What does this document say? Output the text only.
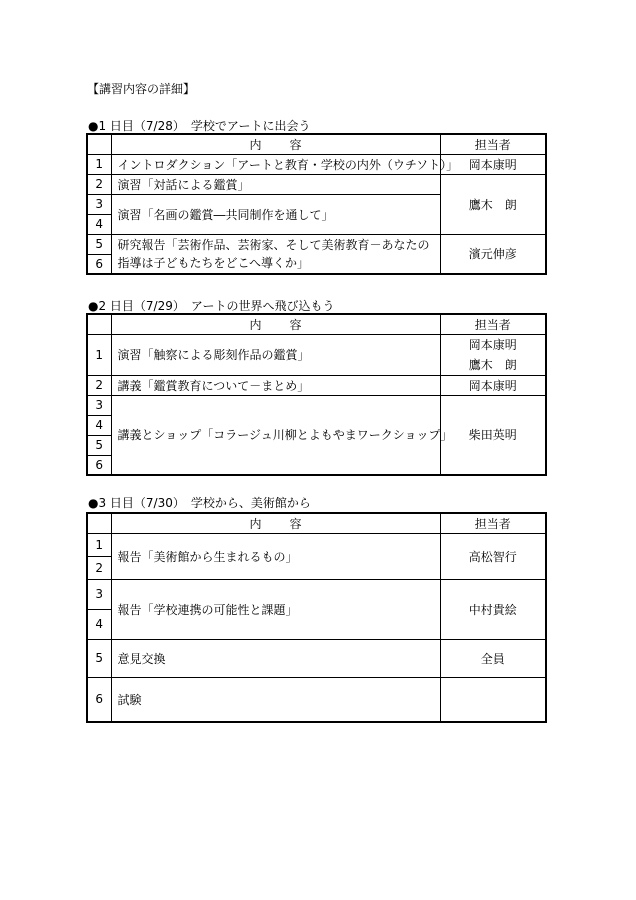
【講習内容の詳細】
●1 日目（7/28）　学校でアートに出会う
	内 容	担当者
1	イントロダクション「アートと教育・学校の内外（ウチソト）」	岡本康明
2	演習「対話による鑑賞」	鷹木　朗
3	演習「名画の鑑賞―共同制作を通して」	
4		
5	研究報告「芸術作品、芸術家、そして美術教育－あなたの指導は子どもたちをどこへ導くか」	濱元伸彦
6		
●2 日目（7/29）　アートの世界へ飛び込もう
	内 容	担当者
1	演習「触察による彫刻作品の鑑賞」	岡本康明
鷹木　朗

2	講義「鑑賞教育について－まとめ」	岡本康明
3	講義とショップ「コラージュ川柳とよもやまワークショップ」	柴田英明
4		
5		
6		
●3 日目（7/30）　学校から、美術館から
	内 容	担当者
1	報告「美術館から生まれるもの」	高松智行
2		
3	報告「学校連携の可能性と課題」	中村貴絵
4		
5	意見交換	全員
6	試験	
